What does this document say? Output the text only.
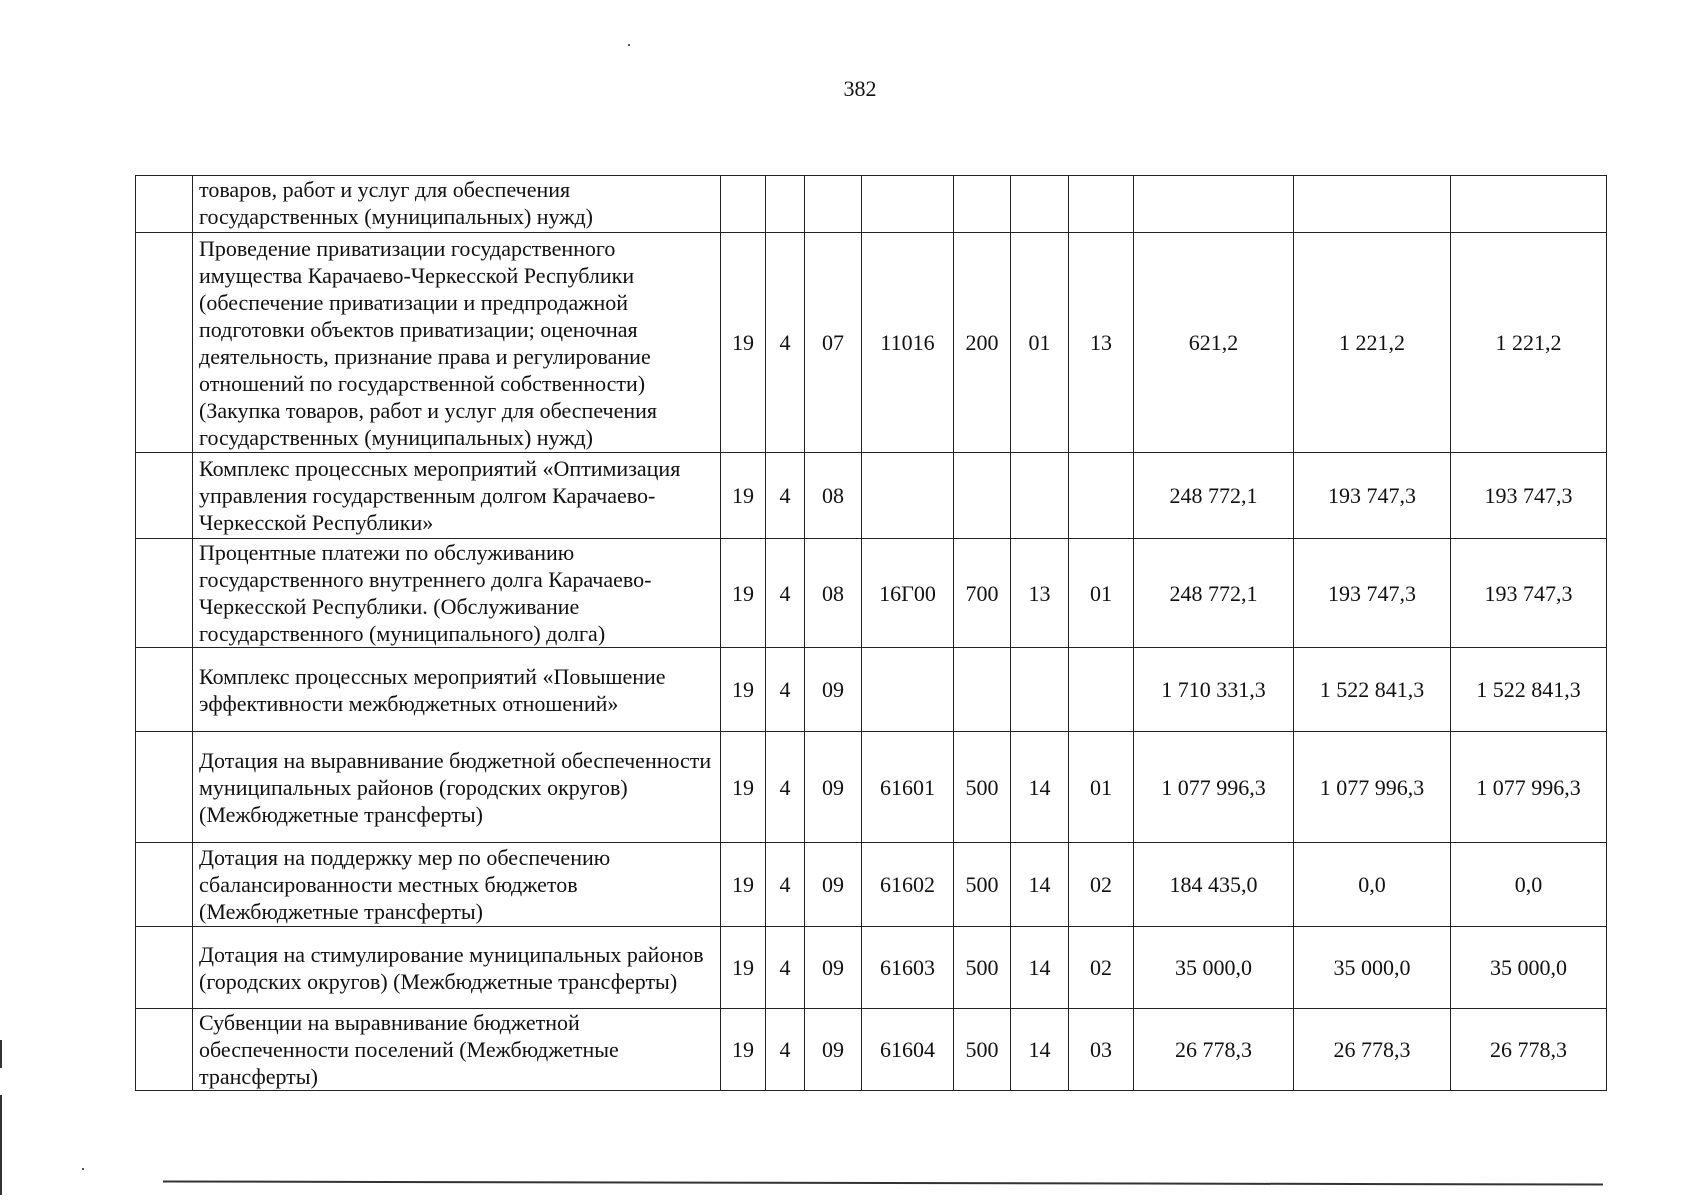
382
	товаров, работ и услуг для обеспечения государственных (муниципальных) нужд)										
	Проведение приватизации государственного имущества Карачаево-Черкесской Республики (обеспечение приватизации и предпродажной подготовки объектов приватизации; оценочная деятельность, признание права и регулирование отношений по государственной собственности) (Закупка товаров, работ и услуг для обеспечения государственных (муниципальных) нужд)	19	4	07	11016	200	01	13	621,2	1 221,2	1 221,2
	Комплекс процессных мероприятий «Оптимизация управления государственным долгом Карачаево-Черкесской Республики»	19	4	08					248 772,1	193 747,3	193 747,3
	Процентные платежи по обслуживанию государственного внутреннего долга Карачаево-Черкесской Республики. (Обслуживание государственного (муниципального) долга)	19	4	08	16Г00	700	13	01	248 772,1	193 747,3	193 747,3
	Комплекс процессных мероприятий «Повышение эффективности межбюджетных отношений»	19	4	09					1 710 331,3	1 522 841,3	1 522 841,3
	Дотация на выравнивание бюджетной обеспеченности муниципальных районов (городских округов) (Межбюджетные трансферты)	19	4	09	61601	500	14	01	1 077 996,3	1 077 996,3	1 077 996,3
	Дотация на поддержку мер по обеспечению сбалансированности местных бюджетов (Межбюджетные трансферты)	19	4	09	61602	500	14	02	184 435,0	0,0	0,0
	Дотация на стимулирование муниципальных районов (городских округов) (Межбюджетные трансферты)	19	4	09	61603	500	14	02	35 000,0	35 000,0	35 000,0
	Субвенции на выравнивание бюджетной обеспеченности поселений (Межбюджетные трансферты)	19	4	09	61604	500	14	03	26 778,3	26 778,3	26 778,3
